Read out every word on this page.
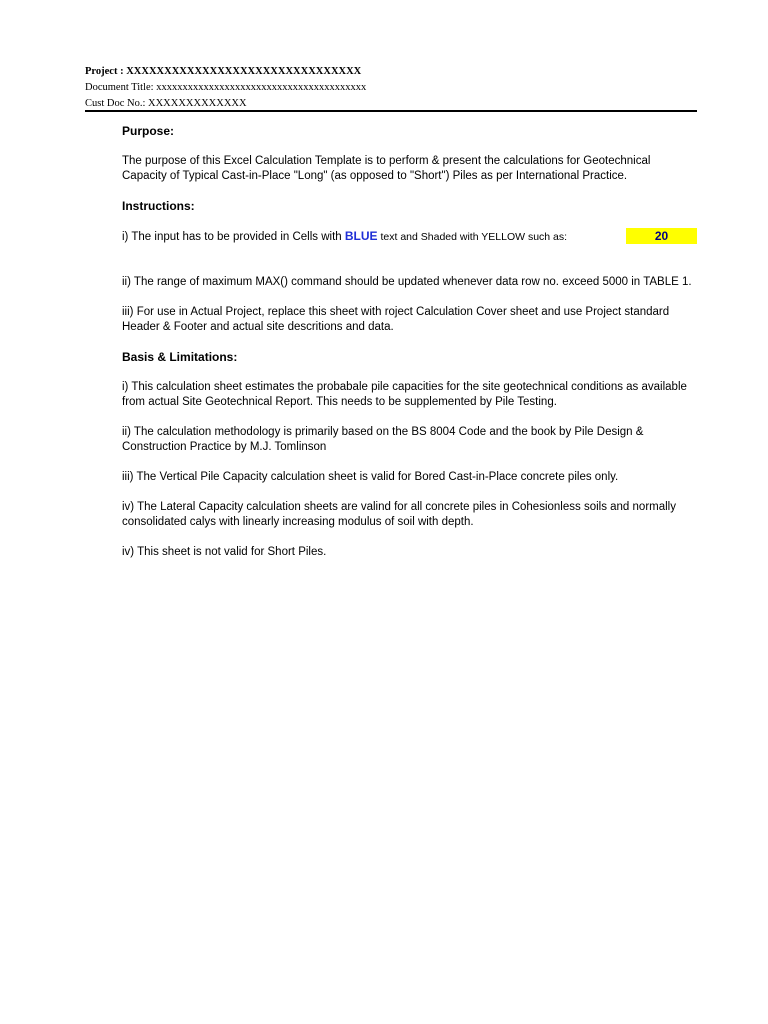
Project : XXXXXXXXXXXXXXXXXXXXXXXXXXXXXXX
Document Title: xxxxxxxxxxxxxxxxxxxxxxxxxxxxxxxxxxxxxxxx
Cust Doc No.: XXXXXXXXXXXXX

Purpose:

The purpose of this Excel Calculation Template is to perform & present the calculations for Geotechnical Capacity of Typical Cast-in-Place "Long" (as opposed to "Short") Piles as per International Practice.

Instructions:

i) The input has to be provided in Cells with BLUE text and Shaded with YELLOW such as:	20

ii) The range of maximum MAX() command should be updated whenever data row no. exceed 5000 in TABLE 1.

iii) For use in Actual Project, replace this sheet with roject Calculation Cover sheet and use Project standard Header & Footer and actual site descritions and data.

Basis & Limitations:

i) This calculation sheet estimates the probabale pile capacities for the site geotechnical conditions as available from actual Site Geotechnical Report. This needs to be supplemented by Pile Testing.

ii) The calculation methodology is primarily based on the BS 8004 Code and the book by Pile Design & Construction Practice by M.J. Tomlinson

iii) The Vertical Pile Capacity calculation sheet is valid for Bored Cast-in-Place concrete piles only.

iv) The Lateral Capacity calculation sheets are valind for all concrete piles in Cohesionless soils and normally consolidated calys with linearly increasing modulus of soil with depth.

iv) This sheet is not valid for Short Piles.
